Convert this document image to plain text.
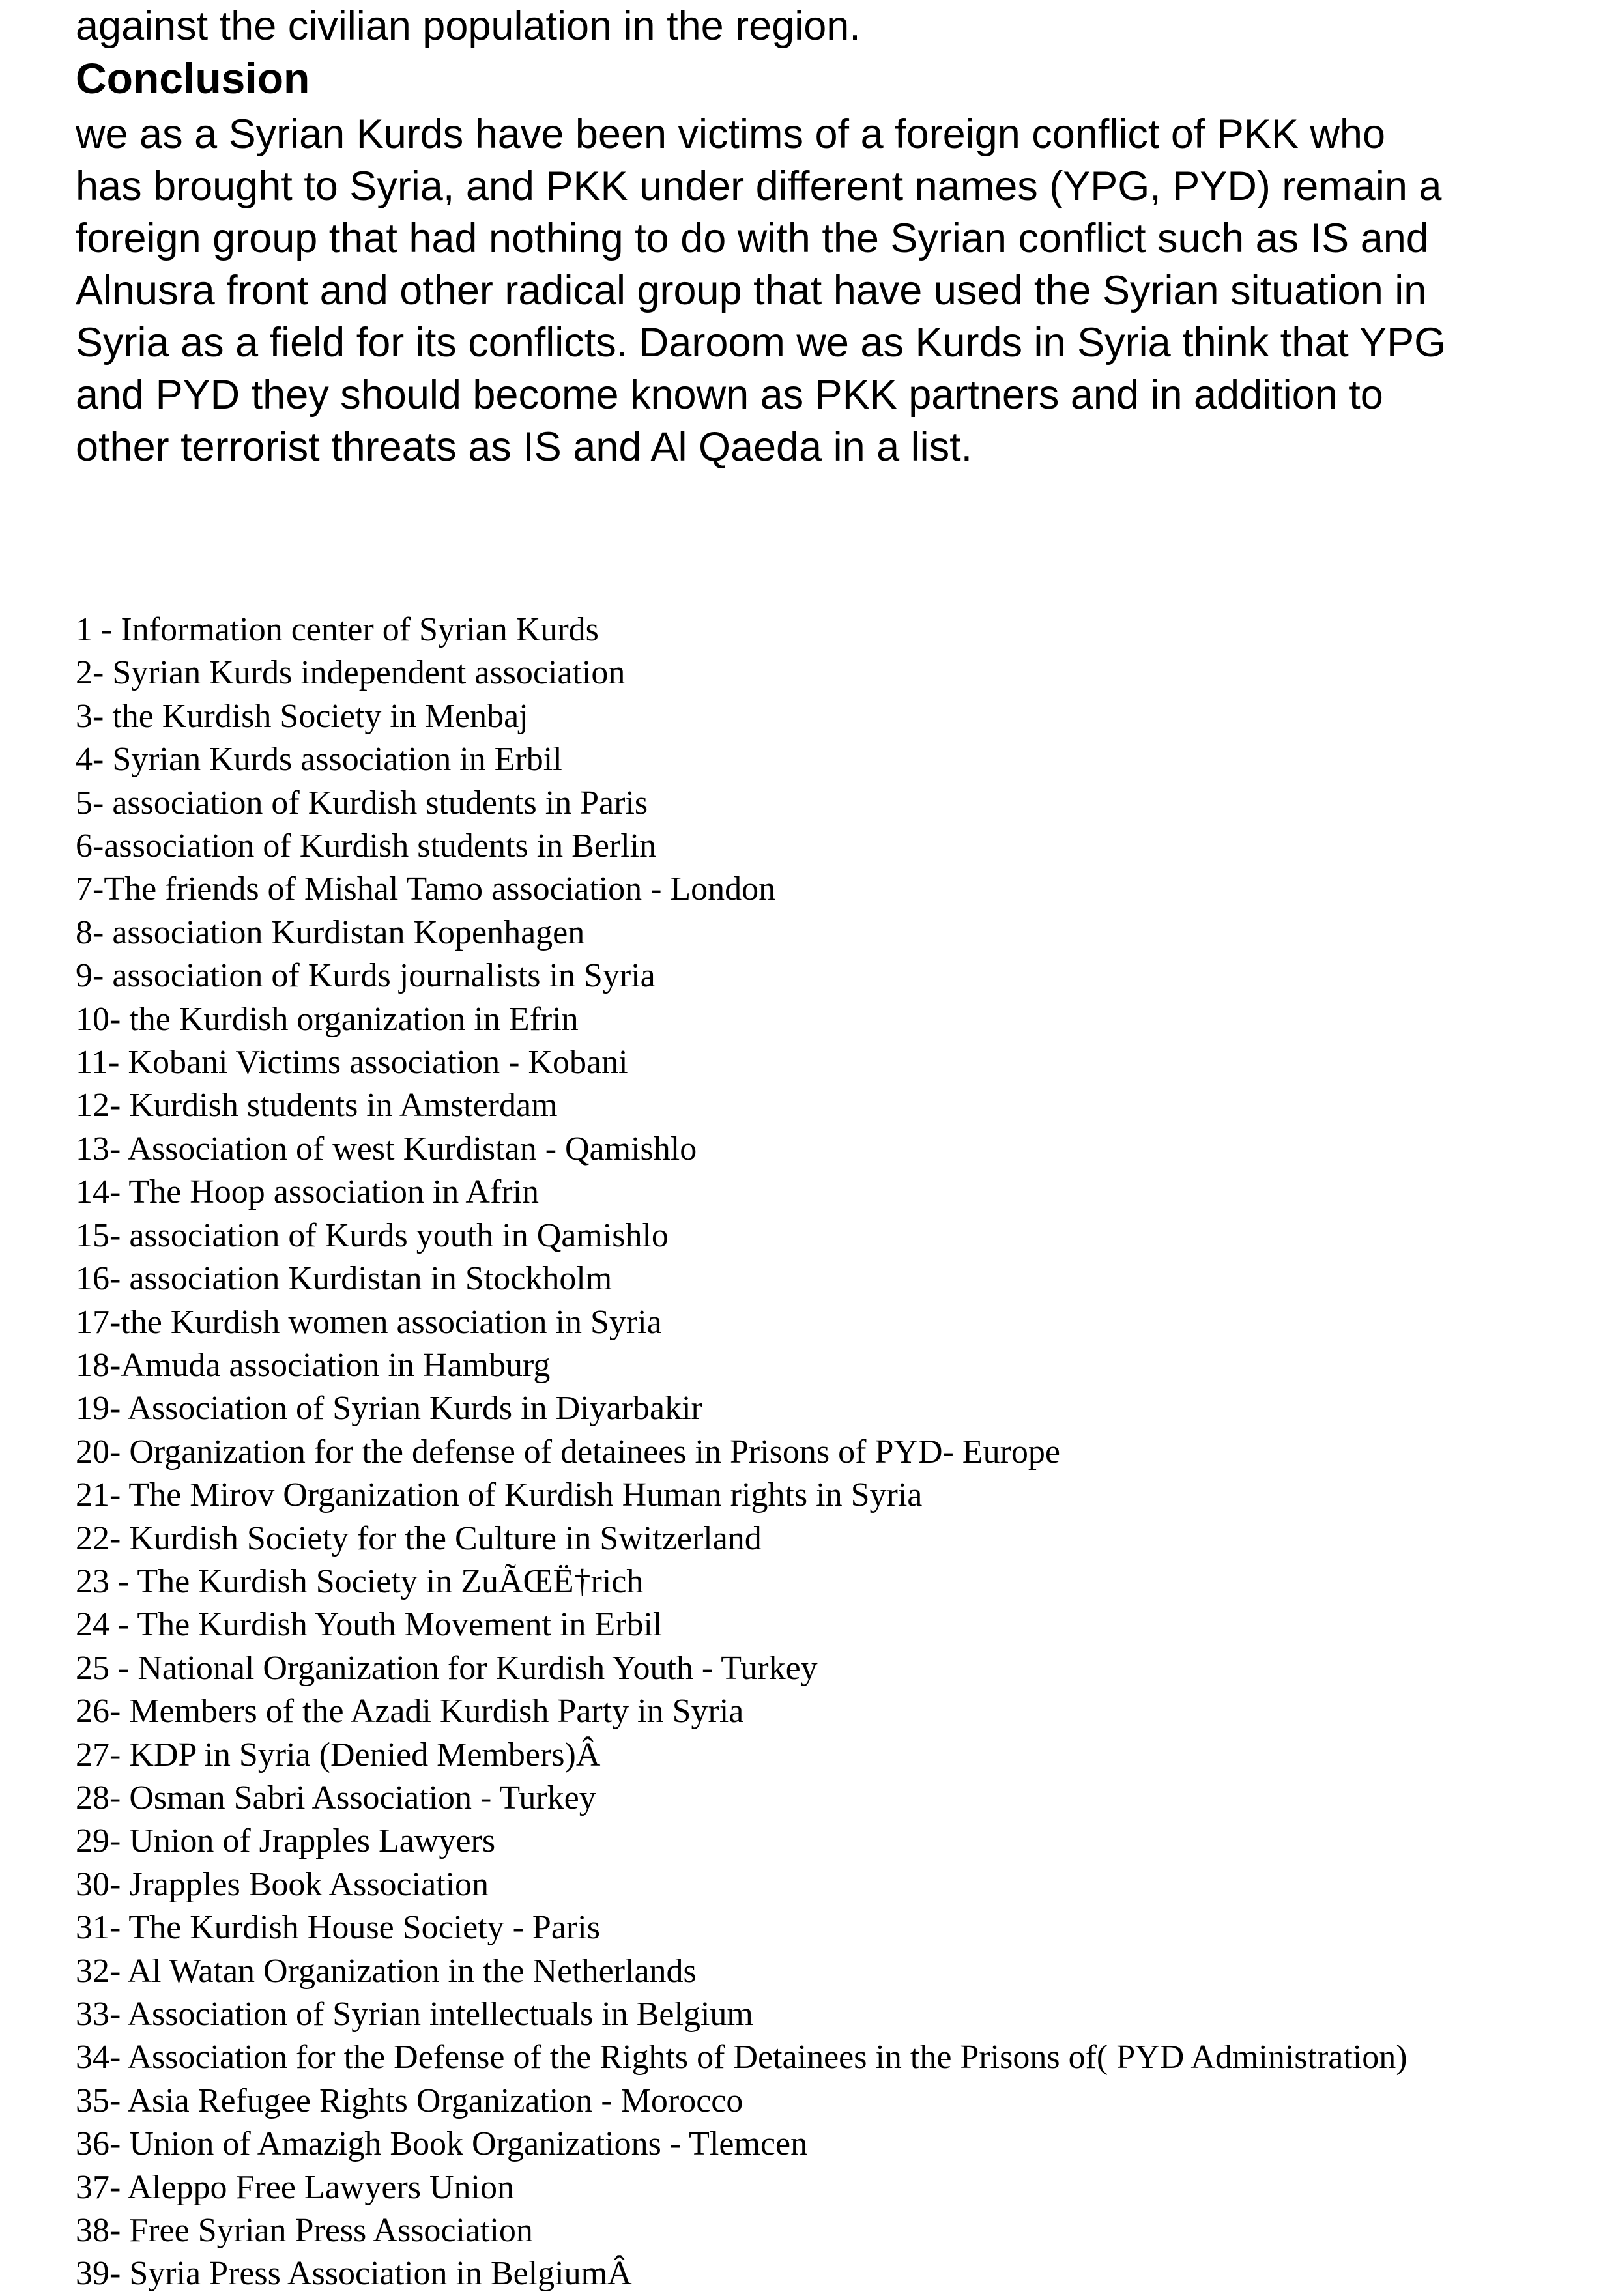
against the civilian population in the region.
Conclusion

we as a Syrian Kurds have been victims of a foreign conflict of PKK who
has brought to Syria, and PKK under different names (YPG, PYD) remain a
foreign group that had nothing to do with the Syrian conflict such as IS and
Alnusra front and other radical group that have used the Syrian situation in
Syria as a field for its conflicts. Daroom we as Kurds in Syria think that YPG
and PYD they should become known as PKK partners and in addition to
other terrorist threats as IS and Al Qaeda in a list.

1 - Information center of Syrian Kurds
2- Syrian Kurds independent association
3- the Kurdish Society in Menbaj
4- Syrian Kurds association in Erbil
5- association of Kurdish students in Paris
6-association of Kurdish students in Berlin
7-The friends of Mishal Tamo association - London
8- association Kurdistan Kopenhagen
9- association of Kurds journalists in Syria
10- the Kurdish organization in Efrin
11- Kobani Victims association - Kobani
12- Kurdish students in Amsterdam
13- Association of west Kurdistan - Qamishlo
14- The Hoop association in Afrin
15- association of Kurds youth in Qamishlo
16- association Kurdistan in Stockholm
17-the Kurdish women association in Syria
18-Amuda association in Hamburg
19- Association of Syrian Kurds in Diyarbakir
20- Organization for the defense of detainees in Prisons of PYD- Europe
21- The Mirov Organization of Kurdish Human rights in Syria
22- Kurdish Society for the Culture in Switzerland
23 - The Kurdish Society in ZuÃŒË†rich
24 - The Kurdish Youth Movement in Erbil
25 - National Organization for Kurdish Youth - Turkey
26- Members of the Azadi Kurdish Party in Syria
27- KDP in Syria (Denied Members)Â
28- Osman Sabri Association - Turkey
29- Union of Jrapples Lawyers
30- Jrapples Book Association
31- The Kurdish House Society - Paris
32- Al Watan Organization in the Netherlands
33- Association of Syrian intellectuals in Belgium
34- Association for the Defense of the Rights of Detainees in the Prisons of( PYD Administration)
35- Asia Refugee Rights Organization - Morocco
36- Union of Amazigh Book Organizations - Tlemcen
37- Aleppo Free Lawyers Union
38- Free Syrian Press Association
39- Syria Press Association in BelgiumÂ
